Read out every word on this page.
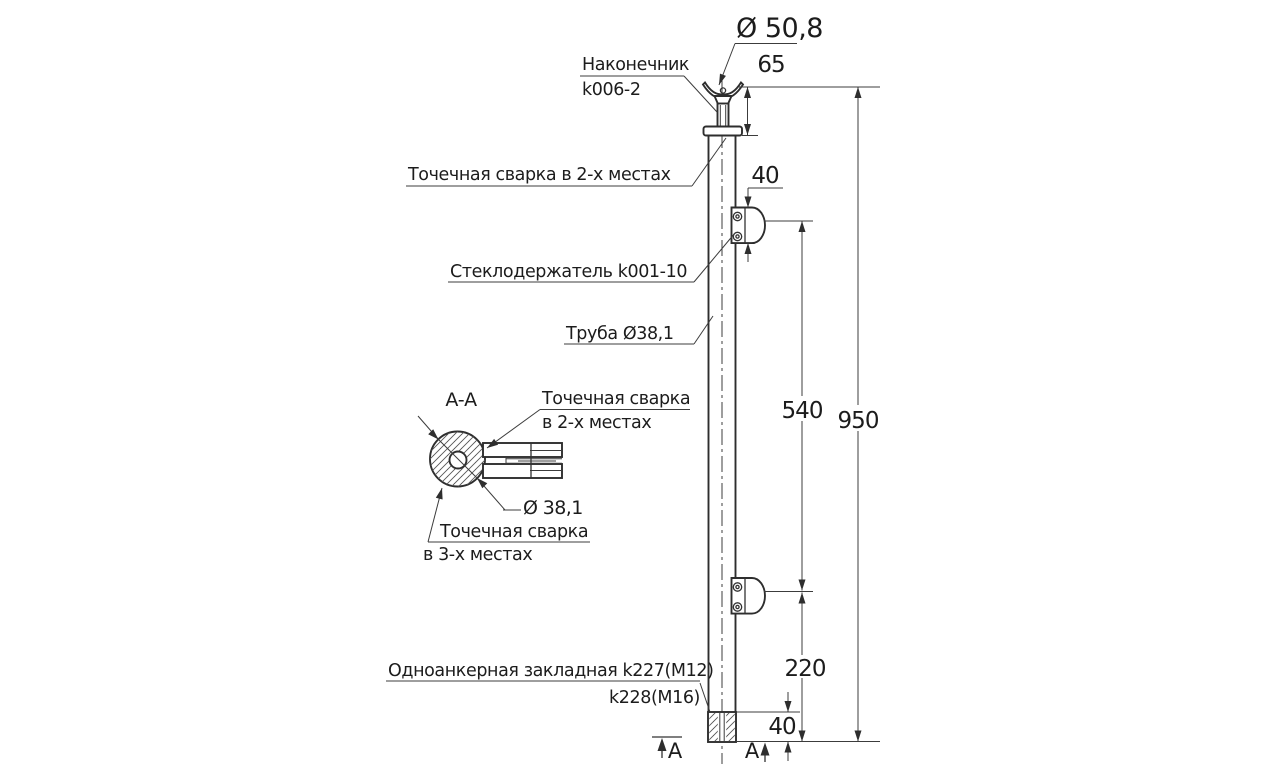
65
950
40
540
220
40
А	А
Ø 50,8
Наконечник
k006-2
Точечная сварка в 2-х местах
Стеклодержатель k001-10
Труба Ø38,1
Одноанкерная закладная k227(M12)
k228(M16)
А-А
Ø 38,1
Точечная сварка
в 2-х местах
Точечная сварка
в 3-х местах
